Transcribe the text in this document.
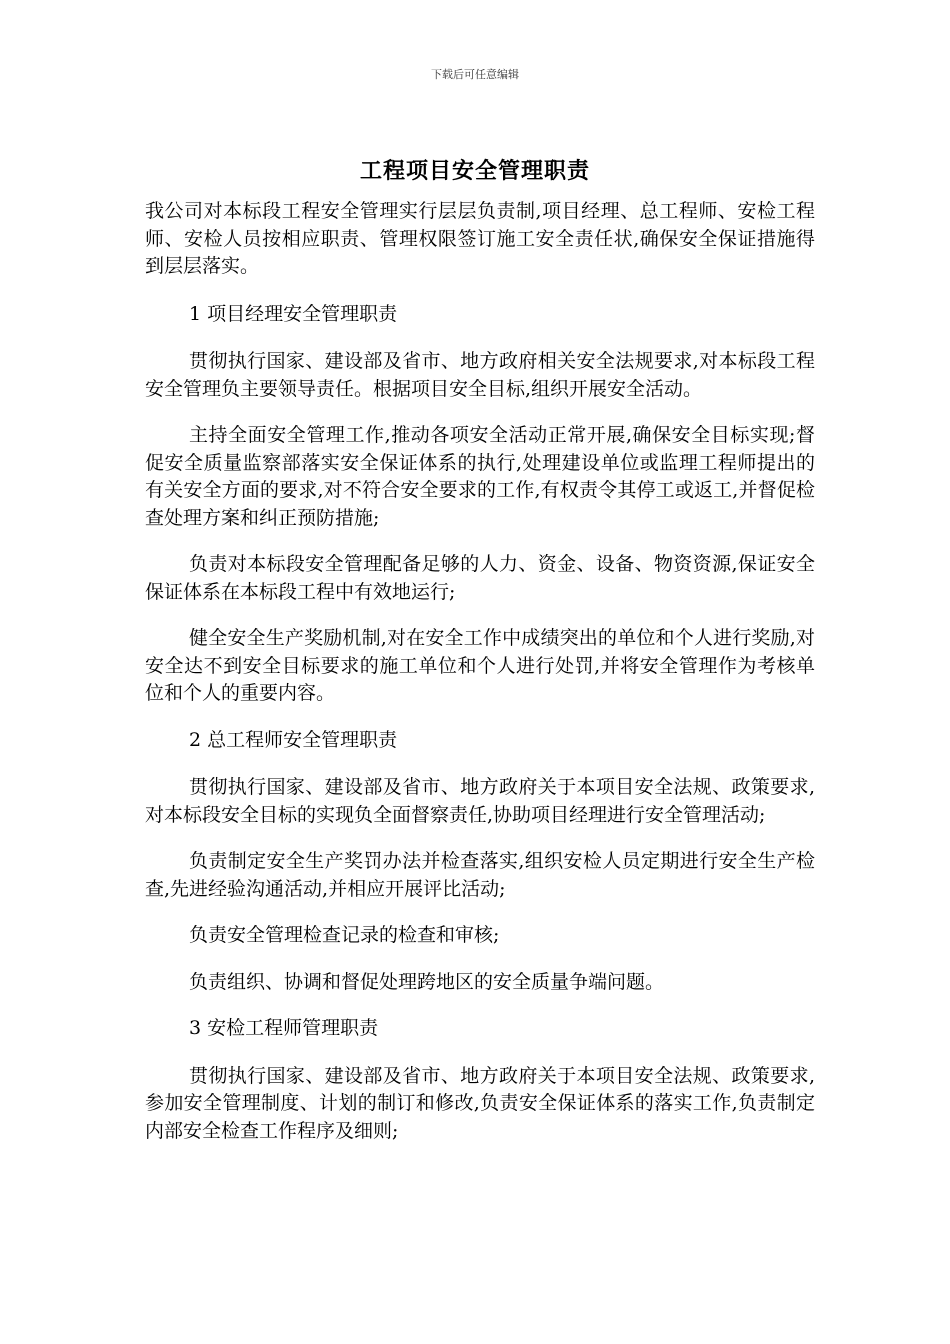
下载后可任意编辑
工程项目安全管理职责

我公司对本标段工程安全管理实行层层负责制,项目经理、总工程师、安检工程师、安检人员按相应职责、管理权限签订施工安全责任状,确保安全保证措施得到层层落实。

1 项目经理安全管理职责

贯彻执行国家、建设部及省市、地方政府相关安全法规要求,对本标段工程安全管理负主要领导责任。根据项目安全目标,组织开展安全活动。

主持全面安全管理工作,推动各项安全活动正常开展,确保安全目标实现;督促安全质量监察部落实安全保证体系的执行,处理建设单位或监理工程师提出的有关安全方面的要求,对不符合安全要求的工作,有权责令其停工或返工,并督促检查处理方案和纠正预防措施;

负责对本标段安全管理配备足够的人力、资金、设备、物资资源,保证安全保证体系在本标段工程中有效地运行;

健全安全生产奖励机制,对在安全工作中成绩突出的单位和个人进行奖励,对安全达不到安全目标要求的施工单位和个人进行处罚,并将安全管理作为考核单位和个人的重要内容。

2 总工程师安全管理职责

贯彻执行国家、建设部及省市、地方政府关于本项目安全法规、政策要求,对本标段安全目标的实现负全面督察责任,协助项目经理进行安全管理活动;

负责制定安全生产奖罚办法并检查落实,组织安检人员定期进行安全生产检查,先进经验沟通活动,并相应开展评比活动;

负责安全管理检查记录的检查和审核;

负责组织、协调和督促处理跨地区的安全质量争端问题。

3 安检工程师管理职责

贯彻执行国家、建设部及省市、地方政府关于本项目安全法规、政策要求,参加安全管理制度、计划的制订和修改,负责安全保证体系的落实工作,负责制定内部安全检查工作程序及细则;
